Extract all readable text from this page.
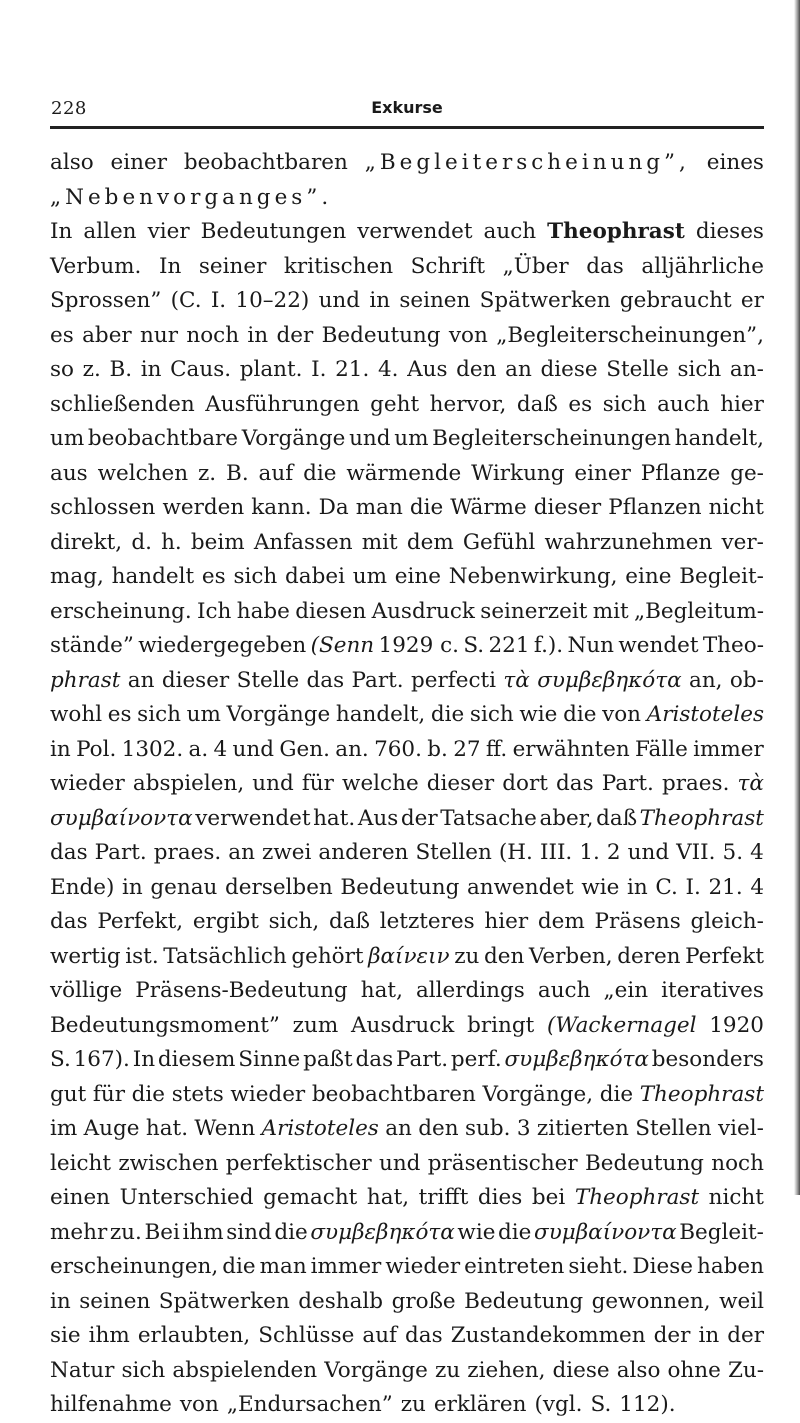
228	Exkurse
also einer beobachtbaren „Begleiterscheinung”, eines
„Nebenvorganges”.
In allen vier Bedeutungen verwendet auch Theophrast dieses
Verbum. In seiner kritischen Schrift „Über das alljährliche
Sprossen” (C. I. 10–22) und in seinen Spätwerken gebraucht er
es aber nur noch in der Bedeutung von „Begleiterscheinungen”,
so z. B. in Caus. plant. I. 21. 4. Aus den an diese Stelle sich an-
schließenden Ausführungen geht hervor, daß es sich auch hier
um beobachtbare Vorgänge und um Begleiterscheinungen handelt,
aus welchen z. B. auf die wärmende Wirkung einer Pflanze ge-
schlossen werden kann. Da man die Wärme dieser Pflanzen nicht
direkt, d. h. beim Anfassen mit dem Gefühl wahrzunehmen ver-
mag, handelt es sich dabei um eine Nebenwirkung, eine Begleit-
erscheinung. Ich habe diesen Ausdruck seinerzeit mit „Begleitum-
stände” wiedergegeben (Senn 1929 c. S. 221 f.). Nun wendet Theo-
phrast an dieser Stelle das Part. perfecti τὰ συμβεβηκότα an, ob-
wohl es sich um Vorgänge handelt, die sich wie die von Aristoteles
in Pol. 1302. a. 4 und Gen. an. 760. b. 27 ff. erwähnten Fälle immer
wieder abspielen, und für welche dieser dort das Part. praes. τὰ
συμβαίνοντα verwendet hat. Aus der Tatsache aber, daß Theophrast
das Part. praes. an zwei anderen Stellen (H. III. 1. 2 und VII. 5. 4
Ende) in genau derselben Bedeutung anwendet wie in C. I. 21. 4
das Perfekt, ergibt sich, daß letzteres hier dem Präsens gleich-
wertig ist. Tatsächlich gehört βαίνειν zu den Verben, deren Perfekt
völlige Präsens-Bedeutung hat, allerdings auch „ein iteratives
Bedeutungsmoment” zum Ausdruck bringt (Wackernagel 1920
S. 167). In diesem Sinne paßt das Part. perf. συμβεβηκότα besonders
gut für die stets wieder beobachtbaren Vorgänge, die Theophrast
im Auge hat. Wenn Aristoteles an den sub. 3 zitierten Stellen viel-
leicht zwischen perfektischer und präsentischer Bedeutung noch
einen Unterschied gemacht hat, trifft dies bei Theophrast nicht
mehr zu. Bei ihm sind die συμβεβηκότα wie die συμβαίνοντα Begleit-
erscheinungen, die man immer wieder eintreten sieht. Diese haben
in seinen Spätwerken deshalb große Bedeutung gewonnen, weil
sie ihm erlaubten, Schlüsse auf das Zustandekommen der in der
Natur sich abspielenden Vorgänge zu ziehen, diese also ohne Zu-
hilfenahme von „Endursachen” zu erklären (vgl. S. 112).
